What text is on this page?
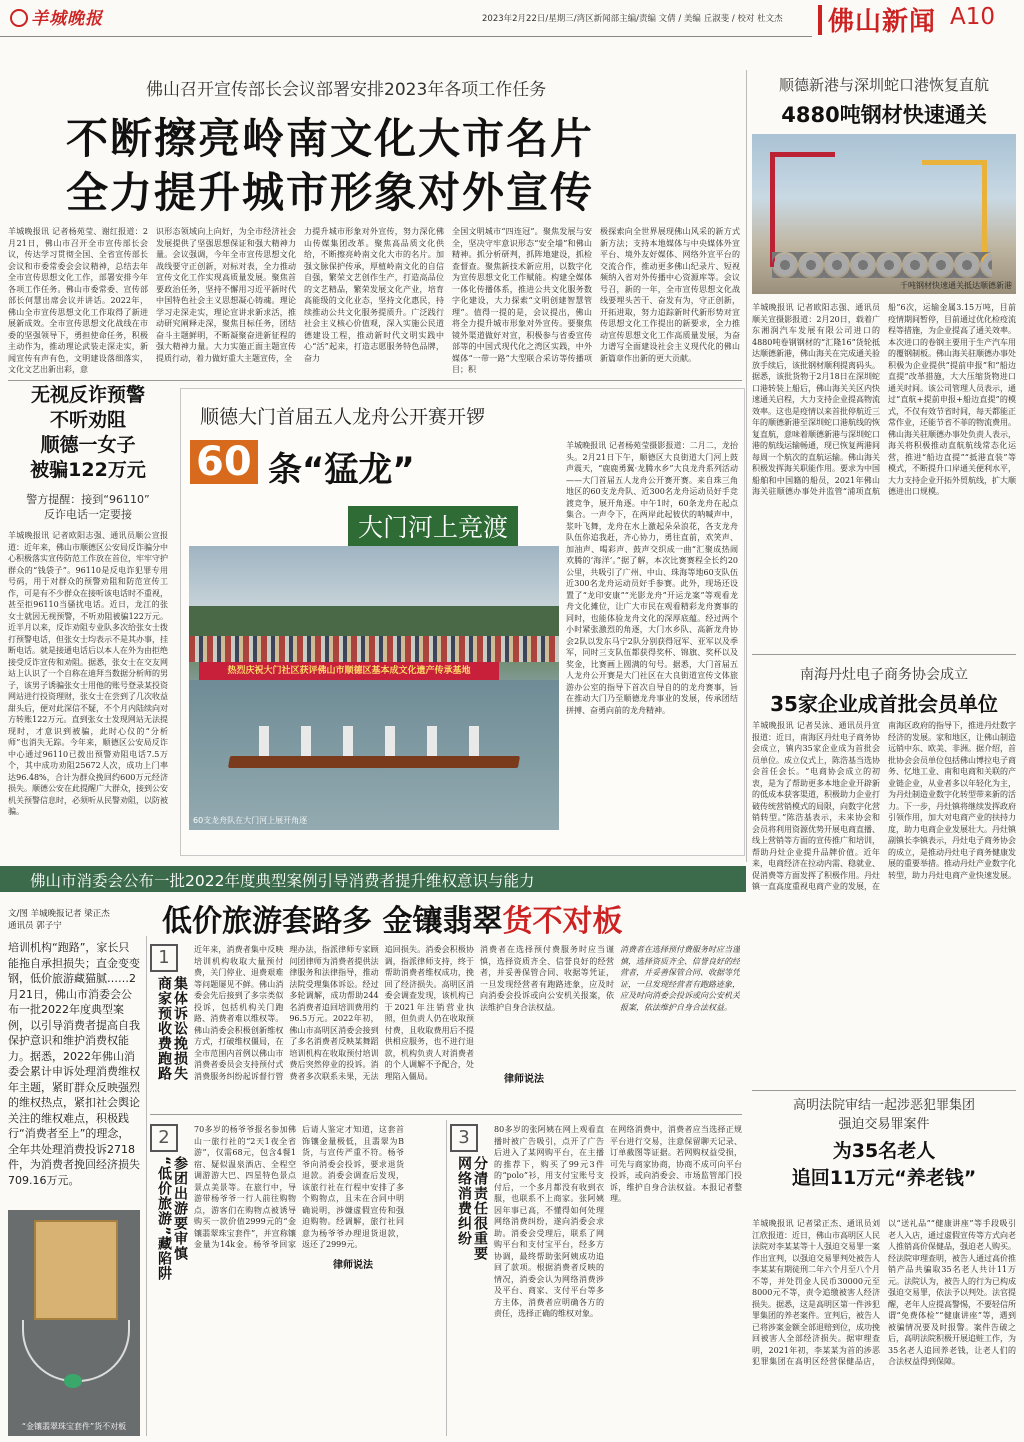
羊城晚报	2023年2月22日/星期三/湾区新闻部主编/责编 文倩 / 美编 丘淑斐 / 校对 杜文杰 佛山新闻 A10
佛山召开宣传部长会议部署安排2023年各项工作任务
不断擦亮岭南文化大市名片
全力提升城市形象对外宣传
羊城晚报讯 记者杨苑莹、谢红报道：2月21日，佛山市召开全市宣传部长会议，传达学习贯彻全国、全省宣传部长会议和市委常委会会议精神，总结去年全市宣传思想文化工作，部署安排今年各项工作任务。佛山市委常委、宣传部部长何慧出席会议并讲话。2022年，佛山全市宣传思想文化工作取得了新进展新成效。全市宣传思想文化战线在市委的坚强领导下，勇担使命任务，积极主动作为，推动理论武装走深走实，新闻宣传有声有色，文明建设落细落实，文化文艺出新出彩，意
识形态领域向上向好，为全市经济社会发展提供了坚强思想保证和强大精神力量。会议强调，今年全市宣传思想文化战线要守正创新，对标对表，全力推动宣传文化工作实现高质量发展。聚焦首要政治任务，坚持不懈用习近平新时代中国特色社会主义思想凝心铸魂。理论学习走深走实，理论宣讲求新求活，推动研究阐释走深，聚焦目标任务，团结奋斗主题鲜明，不断凝聚奋进新征程的强大精神力量。大力实施正面主题宣传提质行动，着力做好重大主题宣传，全
力提升城市形象对外宣传，努力深化佛山传媒集团改革。聚焦高品质文化供给，不断擦亮岭南文化大市的名片。加强文脉保护传承，厚植岭南文化的自信自强，繁荣文艺创作生产，打造高品位的文艺精品，繁荣发展文化产业，培育高能级的文化业态，坚持文化惠民，持续推动公共文化服务提质升。广泛践行社会主义核心价值观，深入实施公民道德建设工程，推动新时代文明实践中心“活”起来，打造志愿服务特色品牌，奋力
全国文明城市“四连冠”。聚焦发展与安全，坚决守牢意识形态“安全墙”和佛山精神。抓分析研判，抓阵地建设，抓检查督查。聚焦新技术新应用，以数字化为宣传思想文化工作赋能。构建全媒体一体化传播体系，推进公共文化服务数字化建设，大力探索“文明创建智慧管理”。值得一提的是，会议提出，佛山将全力提升城市形象对外宣传。要聚焦镜外渠道做好对宣，积极参与省委宣传部等的中国式现代化之湾区实践，中外媒体“一带一路”大型联合采访等传播项目；积
极探索向全世界展现佛山风采的新方式新方法；支持本地媒体与中央媒体外宣平台、境外友好媒体、网络外宣平台的交流合作，推动更多佛山纪录片、短视频纳入省对外传播中心资源库等。会议号召，新的一年，全市宣传思想文化战线要埋头苦干、奋发有为，守正创新，开拓进取，努力追踪新时代新形势对宣传思想文化工作提出的新要求，全力推动宣传思想文化工作高质量发展，为奋力谱写全面建设社会主义现代化的佛山新篇章作出新的更大贡献。
无视反诈预警
不听劝阻
顺德一女子
被骗122万元
警方提醒：接到“96110”
反诈电话一定要接
羊城晚报讯 记者欧阳志强、通讯员顺公宣报道：近年来，佛山市顺德区公安局反诈骗分中心积极落实宣传防范工作放在首位，牢牢守护群众的“钱袋子”。96110是反电诈犯罪专用号码，用于对群众的预警劝阻和防范宣传工作，可是有不少群众在接听该电话时不重视，甚至拒96110当骚扰电话。近日，龙江的张女士就因无视预警，不听劝阻被骗122万元。近半月以来，反诈劝阻专业队多次给张女士拨打预警电话，但张女士均表示不是其办事，挂断电话。就是接通电话后以本人在外为由拒绝接受反诈宣传和劝阻。据悉，张女士在交友网站上认识了一个自称在迪拜当数据分析师的男子，该男子诱骗张女士用他的账号登录某投资网站进行投资理财，张女士在尝到了几次收益甜头后，便对此深信不疑，不个月内陆续向对方转账122万元。直到张女士发现网站无法提现时，才意识到被骗，此时心仪的“分析师”也消失无踪。今年来，顺德区公安局反诈中心通过96110已拨出预警劝阻电话7.5万个，其中成功劝阻25672人次，成功上门率达96.48%，合计为群众挽回约600万元经济损失。顺德公安在此提醒广大群众，接到公安机关预警信息时，必须听从民警劝阻，以防被骗。
顺德大门首届五人龙舟公开赛开锣
60 条“猛龙”
大门河上竞渡
热烈庆祝大门社区获评佛山市顺德区基本成文化遗产传承基地
60支龙舟队在大门河上展开角逐
羊城晚报讯 记者杨苑莹摄影报道：二月二，龙抬头。2月21日下午，顺德区大良街道大门河上鼓声震天，“鹿鹿勇翼·龙腾水乡”大良龙舟系列活动——大门首届五人龙舟公开赛开赛。来自珠三角地区的60支龙舟队、近300名龙舟运动员好手竞渡竞争，展开角逐。中午1时，60条龙舟在起点集合。一声令下，在两岸此起彼伏的呐喊声中，浆叶飞舞，龙舟在水上激起朵朵浪花，各支龙舟队伍你追我赶，齐心协力，勇往直前，欢笑声、加油声、喝彩声、鼓声交织成一曲“汇聚成热闹欢腾的‘海洋’。”据了解，本次比赛赛程全长约20公里，共吸引了广州、中山、珠海等地60支队伍近300名龙舟运动员好手参赛。此外，现场还设置了“龙印安康”“光影龙舟”开运龙案”等观看龙舟文化摊位，让广大市民在观看精彩龙舟赛事的同时，也能体验龙舟文化的深厚底蕴。经过两个小时紧张激烈的角逐，大门水乡队、高新龙舟协会2队以发东马宁2队分别获得冠军、亚军以及季军，同时三支队伍都获得奖杯、锦旗、奖杯以及奖金，比赛画上圆满的句号。据悉，大门首届五人龙舟公开赛是大门社区在大良街道宣传文体旅游办公室的指导下首次自导自的的龙舟赛事，旨在推动大门乃至顺德龙舟事业的发展，传承团结拼搏、奋勇向前的龙舟精神。
顺德新港与深圳蛇口港恢复直航
4880吨钢材快速通关
千吨钢材快速通关抵达顺德新港
羊城晚报讯 记者欧阳志强、通讯员顺关宣摄影报道：2月20日，载着广东湘润汽车发展有限公司进口的4880吨卷钢钢材的“汇隆16”货轮抵达顺德新港，佛山海关在完成通关验放手续后，该批钢材顺利提离码头。据悉，该批货物于2月18日在深圳蛇口港转装上船后，佛山海关关区内快速通关启程，大力支持企业提高物流效率。这也是疫情以来首批停航近三年的顺德新港至深圳蛇口港航线的恢复直航，意味着顺德新港与深圳蛇口港的航线运输畅通，现已恢复两港间每周一个航次的直航运输。佛山海关积极发挥海关职能作用。要求为中国船舶和中国籍的船员，2021年佛山海关驻顺德办事处并监管“浦项直航船”6次，运输金属3.15万吨，目前疫情期间暂停，目前通过优化检疫流程等措施，为企业提高了通关效率。本次进口的卷钢主要用于生产汽车用的覆钢制板。佛山海关驻顺德办事处积极为企业提供“提前申报”和“船边直提”改革措施，大大压缩货物进口通关时间。该公司管理人员表示，通过“直航+提前申报+船边直提”的模式，不仅有效节省时间，每天都能正常作业，还能节省不菲的物流费用。佛山海关驻顺德办事处负责人表示，海关将积极推动直航航线常态化运营，推进“船边直提”“抵港直装”等模式，不断提升口岸通关便利水平，大力支持企业开拓外贸航线，扩大顺德进出口规模。
南海丹灶电子商务协会成立
35家企业成首批会员单位
羊城晚报讯 记者吴泳、通讯员丹宣报道：近日，南海区丹灶电子商务协会成立，镇内35家企业成为首批会员单位。成立仪式上，陈浩基当选协会首任会长。“电商协会成立的初衷，是为了帮助更多本地企业开辟新的低成本获客渠道，积极助力企业打破传统营销模式的局限，向数字化营销转型。”陈浩基表示，未来协会和会员将利用资源优势开展电商直播、线上营销等方面的宣传推广和培训，帮助丹灶企业提升品牌价值。近年来，电商经济在拉动内需、稳就业、促消费等方面发挥了积极作用。丹灶镇一直高度重视电商产业的发展，在南海区政府的指导下，推进丹灶数字经济的发展。家和地区，让佛山制造远销中东、欧美、非洲。据介绍，首批协会会员单位包括佛山博拉电子商务、忆地工业、南和电商和关联的产业链企业，从业者多以年轻化为主，为丹灶制造业数字化转型带来新的活力。下一步，丹灶镇将继续发挥政府引领作用，加大对电商产业的扶持力度，助力电商企业发展壮大。丹灶镇副镇长李镇表示，丹灶电子商务协会的成立，是推动丹灶电子商务健康发展的重要举措。推动丹灶产业数字化转型，助力丹灶电商产业快速发展。
高明法院审结一起涉恶犯罪集团
强迫交易罪案件
为35名老人
追回11万元“养老钱”
羊城晚报讯 记者梁正杰、通讯员刘江欣报道：近日，佛山市高明区人民法院对李某某等十人强迫交易罪一案作出宣判，以强迫交易罪判处被告人李某某有期徒刑二年六个月至八个月不等，并处罚金人民币30000元至8000元不等，责令追缴被害人经济损失。据悉，这是高明区第一件涉犯罪集团的养老案件。宣判后，被告人已将涉案金额全部退赔到位，成功挽回被害人全部经济损失。据审理查明，2021年初，李某某为首的涉恶犯罪集团在高明区经营保健品店，以“送礼品”“健康讲座”等手段吸引老人入店，通过虚假宣传等方式向老人推销高价保健品，强迫老人购买。经法院审理查明，被告人通过高价推销产品共骗取35名老人共计11万元。法院认为，被告人的行为已构成强迫交易罪，依法予以判处。法官提醒，老年人应提高警惕，不要轻信所谓“免费体检”“健康讲座”等，遇到被骗情况要及时报警。案件告破之后，高明法院积极开展追赃工作，为35名老人追回养老钱，让老人们的合法权益得到保障。
佛山市消委会公布一批2022年度典型案例引导消费者提升维权意识与能力
文/图 羊城晚报记者 梁正杰
通讯员 郭子宁	低价旅游套路多 金镶翡翠货不对板
培训机构“跑路”，家长只能拖自承担损失；直金变变钢，低价旅游藏猫腻……2月21日，佛山市消委会公布一批2022年度典型案例，以引导消费者提高自我保护意识和维护消费权能力。据悉，2022年佛山消委会累计申诉处理消费维权年主题，紧盯群众反映强烈的维权热点，紧扣社会舆论关注的维权难点，积极践行“消费者至上”的理念，全年共处理消费投诉2718件，为消费者挽回经济损失709.16万元。
“金镶翡翠珠宝套件”货不对板
1
商家预收费跑路 集体诉讼挽损失
近年来，消费者集中反映培训机构收取大量预付费，关门停业、退费艰难等问题屡见不鲜。佛山消委会先后接到了多宗类似投诉，包括机构关门跑路、消费者难以维权等。佛山消委会积极创新维权方式，打破维权僵局，在全市范围内首例以佛山市消费者委员会支持预付式消费服务纠纷起诉督行管理办法，指派律师专家顾问团律师为消费者提供法律服务和法律指导，推动法院受理集体诉讼。经过多轮调解，成功帮助244名消费者追回培训费用约96.5万元。2022年初，佛山市高明区消委会接到了多名消费者反映某舞蹈培训机构在收取预付培训费后突然停业的投诉。消费者多次联系未果，无法追回损失。消委会积极协调，指派律师支持，终于帮助消费者维权成功，挽回了经济损失。高明区消委会调查发现，该机构已于2021年注销营业执照，但负责人仍在收取预付费，且收取费用后不提供相应服务，也不进行退款，机构负责人对消费者的个人调解不予配合，处理陷入僵局。	律师说法
消费者在选择预付费服务时应当谨慎，选择资质齐全、信誉良好的经营者，并妥善保管合同、收据等凭证，一旦发现经营者有跑路迹象，应及时向消委会投诉或向公安机关报案，依法维护自身合法权益。
消费者在选择预付费服务时应当谨慎，选择资质齐全、信誉良好的经营者，并妥善保管合同、收据等凭证，一旦发现经营者有跑路迹象，应及时向消委会投诉或向公安机关报案，依法维护自身合法权益。
2
“低价旅游”藏陷阱 参团出游要审慎
70多岁的杨爷爷报名参加佛山一旅行社的“2天1夜全省游”，仅需68元，包含4餐1宿、疑似温泉酒店、全程空调游游大巴、四星特色景点景点美景等。在旅行中，导游带杨爷爷一行人前往购物点，游客们在购物点被诱导购买一款价值2999元的“金镶翡翠珠宝套件”，并宣称镶金量为14k金。杨爷爷回家后请人鉴定才知道，这套首饰镶金量极低，且翡翠为B货，与宣传严重不符。杨爷爷向消委会投诉，要求退货退款。消委会调查后发现，该旅行社在行程中安排了多个购物点，且未在合同中明确说明，涉嫌虚假宣传和强迫购物。经调解，旅行社同意为杨爷爷办理退货退款，返还了2999元。
律师说法
3
网络消费纠纷 分清责任很重要
80多岁的张阿姨在网上观看直播时被广告吸引，点开了广告后进入了某网购平台，在主播的推荐下，购买了99元3件的“polo”衫，用支付宝账号支付后，一个多月都没有收到衣服，也联系不上商家。张阿姨因年事已高，不懂得如何处理网络消费纠纷，遂向消委会求助。消委会受理后，联系了网购平台和支付宝平台，经多方协调，最终帮助张阿姨成功追回了款项。根据消费者反映的情况，消委会认为网络消费涉及平台、商家、支付平台等多方主体，消费者应明确各方的责任，选择正确的维权对象。
在网络消费中，消费者应当选择正规平台进行交易，注意保留聊天记录、订单截图等证据。若网购权益受损，可先与商家协商，协商不成可向平台投诉，或向消委会、市场监管部门投诉，维护自身合法权益。本报记者整理。
